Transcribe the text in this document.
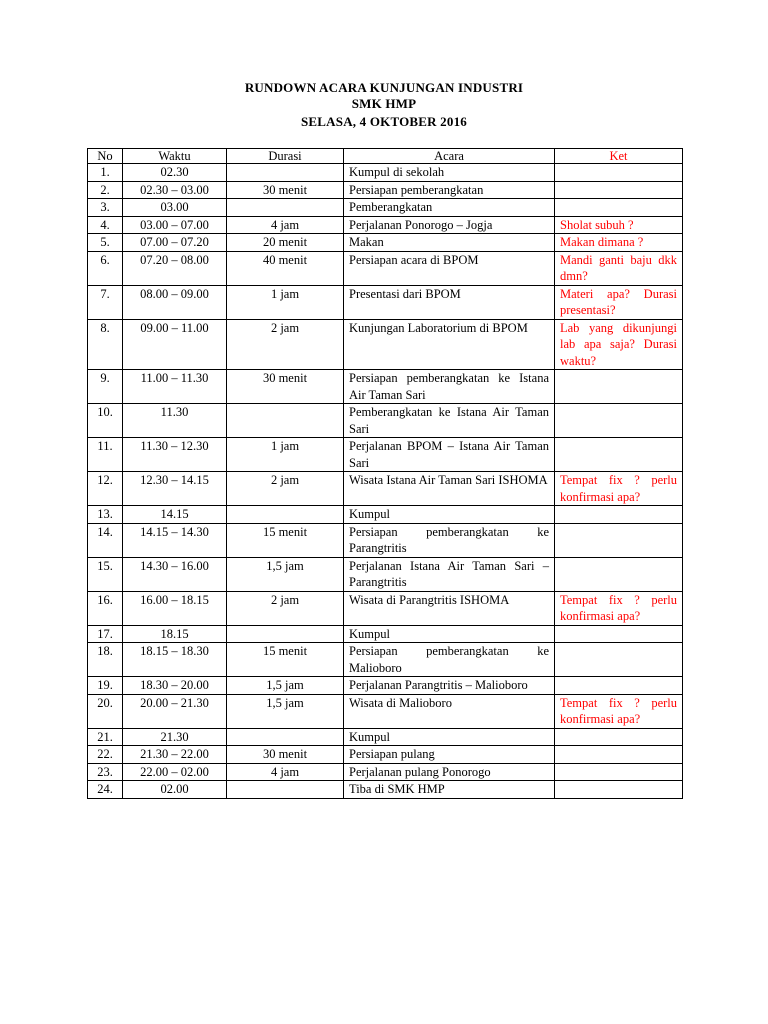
RUNDOWN ACARA KUNJUNGAN INDUSTRI
SMK HMP
SELASA, 4 OKTOBER 2016
No	Waktu	Durasi	Acara	Ket
1.	02.30		Kumpul di sekolah	
2.	02.30 – 03.00	30 menit	Persiapan pemberangkatan	
3.	03.00		Pemberangkatan	
4.	03.00 – 07.00	4 jam	Perjalanan Ponorogo – Jogja	Sholat subuh ?
5.	07.00 – 07.20	20 menit	Makan	Makan dimana ?
6.	07.20 – 08.00	40 menit	Persiapan acara di BPOM	Mandi ganti baju dkk dmn?
7.	08.00 – 09.00	1 jam	Presentasi dari BPOM	Materi apa? Durasi presentasi?
8.	09.00 – 11.00	2 jam	Kunjungan Laboratorium di BPOM	Lab yang dikunjungi lab apa saja? Durasi waktu?
9.	11.00 – 11.30	30 menit	Persiapan pemberangkatan ke Istana Air Taman Sari	
10.	11.30		Pemberangkatan ke Istana Air Taman Sari	
11.	11.30 – 12.30	1 jam	Perjalanan BPOM – Istana Air Taman Sari	
12.	12.30 – 14.15	2 jam	Wisata Istana Air Taman Sari ISHOMA	Tempat fix ? perlu konfirmasi apa?
13.	14.15		Kumpul	
14.	14.15 – 14.30	15 menit	Persiapan pemberangkatan ke Parangtritis	
15.	14.30 – 16.00	1,5 jam	Perjalanan Istana Air Taman Sari – Parangtritis	
16.	16.00 – 18.15	2 jam	Wisata di Parangtritis ISHOMA	Tempat fix ? perlu konfirmasi apa?
17.	18.15		Kumpul	
18.	18.15 – 18.30	15 menit	Persiapan pemberangkatan ke Malioboro	
19.	18.30 – 20.00	1,5 jam	Perjalanan Parangtritis – Malioboro	
20.	20.00 – 21.30	1,5 jam	Wisata di Malioboro	Tempat fix ? perlu konfirmasi apa?
21.	21.30		Kumpul	
22.	21.30 – 22.00	30 menit	Persiapan pulang	
23.	22.00 – 02.00	4 jam	Perjalanan pulang Ponorogo	
24.	02.00		Tiba di SMK HMP	
